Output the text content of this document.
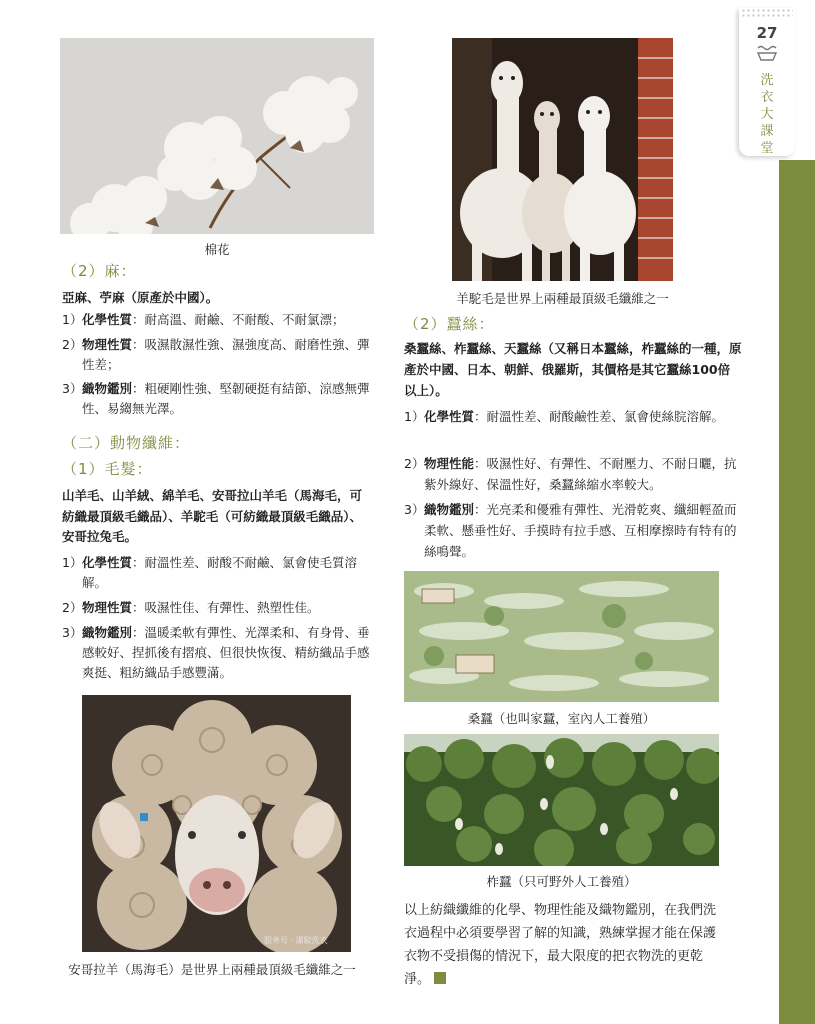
27
洗
衣
大
課
堂
棉花
（2）麻：

亞麻、苧麻（原產於中國）。

1） 化學性質：耐高溫、耐鹼、不耐酸、不耐氯漂；
2） 物理性質：吸濕散濕性強、濕強度高、耐磨性強、彈性差；
3） 織物鑑別：粗硬剛性強、堅韌硬挺有結節、涼感無彈性、易縐無光澤。
（二）動物纖維：
（1）毛髮：

山羊毛、山羊絨、綿羊毛、安哥拉山羊毛（馬海毛，可紡織最頂級毛織品）、羊駝毛（可紡織最頂級毛織品）、安哥拉兔毛。

1） 化學性質：耐溫性差、耐酸不耐鹼、氯會使毛質溶解。
2） 物理性質：吸濕性佳、有彈性、熱塑性佳。
3） 織物鑑別：溫暖柔軟有彈性、光澤柔和、有身骨、垂感較好、捏抓後有摺痕、但很快恢復、精紡織品手感爽挺、粗紡織品手感豐滿。
服务号 · 潔駁洗衣
安哥拉羊（馬海毛）是世界上兩種最頂級毛纖維之一
羊駝毛是世界上兩種最頂級毛纖維之一
（2）蠶絲：

桑蠶絲、柞蠶絲、天蠶絲（又稱日本蠶絲，柞蠶絲的一種，原產於中國、日本、朝鮮、俄羅斯，其價格是其它蠶絲100倍以上）。

1） 化學性質：耐溫性差、耐酸鹼性差、氯會使絲脘溶解。
2） 物理性能：吸濕性好、有彈性、不耐壓力、不耐日曬，抗紫外線好、保溫性好，桑蠶絲縮水率較大。
3） 織物鑑別：光亮柔和優雅有彈性、光滑乾爽、纖細輕盈而柔軟、懸垂性好、手摸時有拉手感、互相摩擦時有特有的絲鳴聲。
桑蠶（也叫家蠶，室內人工養殖）
柞蠶（只可野外人工養殖）

以上紡織纖維的化學、物理性能及織物鑑別，在我們洗衣過程中必須要學習了解的知識，熟練掌握才能在保護衣物不受損傷的情況下，最大限度的把衣物洗的更乾淨。
